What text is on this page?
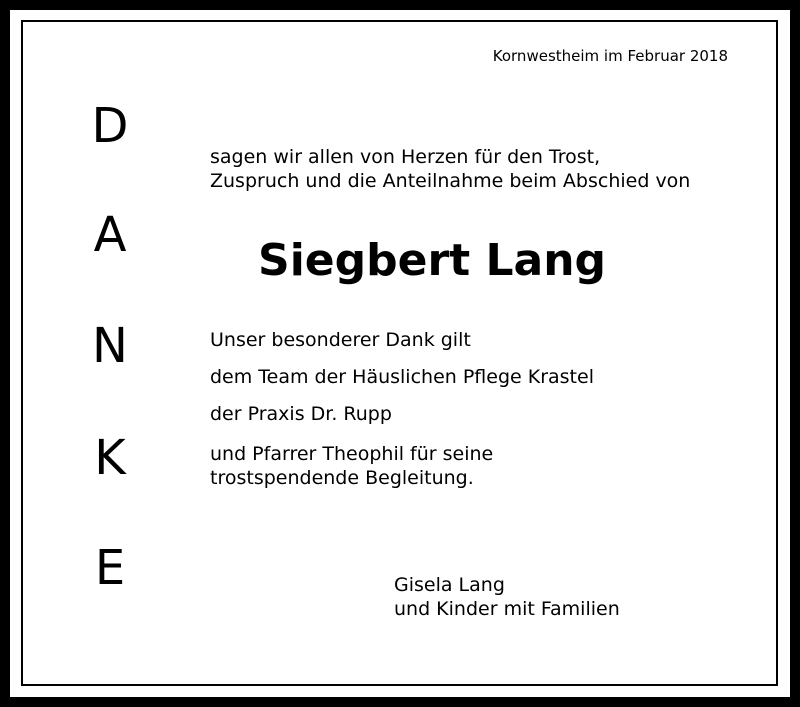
Kornwestheim im Februar 2018
D
A
N
K
E
sagen wir allen von Herzen für den Trost,
Zuspruch und die Anteilnahme beim Abschied von
Siegbert Lang
Unser besonderer Dank gilt
dem Team der Häuslichen Pflege Krastel
der Praxis Dr. Rupp
und Pfarrer Theophil für seine
trostspendende Begleitung.
Gisela Lang
und Kinder mit Familien
